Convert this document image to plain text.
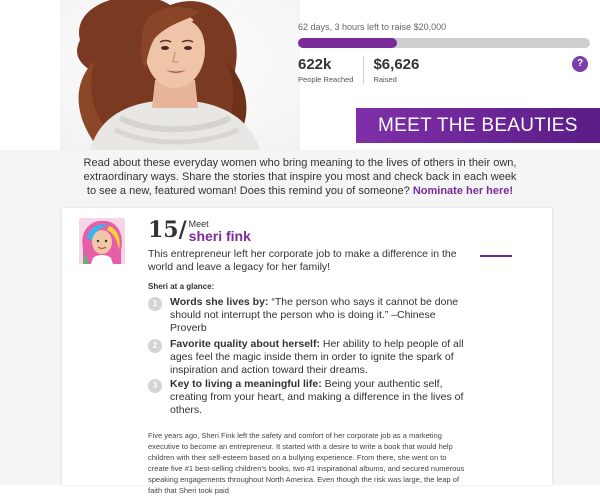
62 days, 3 hours left to raise $20,000
622k
People Reached
$6,626
Raised
?
MEET THE BEAUTIES
Read about these everyday women who bring meaning to the lives of others in their own, extraordinary ways. Share the stories that inspire you most and check back in each week to see a new, featured woman! Does this remind you of someone? Nominate her here!
15/ Meet
sheri fink
This entrepreneur left her corporate job to make a difference in the world and leave a legacy for her family!
Sheri at a glance:
1	Words she lives by: “The person who says it cannot be done should not interrupt the person who is doing it.” –Chinese Proverb
2	Favorite quality about herself: Her ability to help people of all ages feel the magic inside them in order to ignite the spark of inspiration and action toward their dreams.
3	Key to living a meaningful life: Being your authentic self, creating from your heart, and making a difference in the lives of others.
Five years ago, Sheri Fink left the safety and comfort of her corporate job as a marketing executive to become an entrepreneur. It started with a desire to write a book that would help children with their self-esteem based on a bullying experience. From there, she went on to create five #1 best-selling children’s books, two #1 inspirational albums, and secured numerous speaking engagements throughout North America. Even though the risk was large, the leap of faith that Sheri took paid
